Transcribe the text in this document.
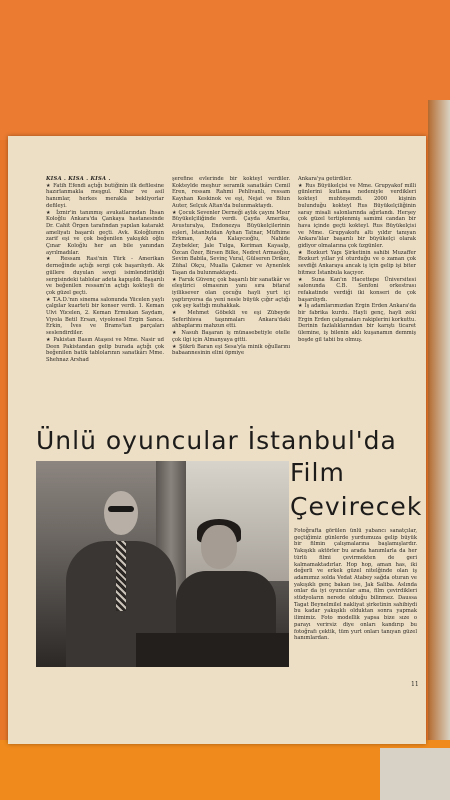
KISA . KISA . KISA .

★ Fatih Efendi açtığı butiğinin ilk defilesine hazırlanmakla meşgul. Kibar ve asil hanımlar, herkes merakla bekliyorlar defileyi.

★ İzmir'in tanınmış avukatlarından İhsan Koloğlu Ankara'da Çankaya hastanesinde Dr. Cahit Örgen tarafından yapılan katarakt ameliyatı başarılı geçti. Avk. Koloğlunun zarif eşi ve çok beğenilen yakışıklı oğlu Çınar Koloğlu her an bile yanından ayrılmadılar.

★ Ressam Rasi'nin Türk - Amerikan derneğinde açtığı sergi çok başarılıydı. Ak güllere duyulan sevgi isimlendirildiği sergisindeki tablolar adeta kapışıldı. Başarılı ve beğenilen ressam'ın açtığı kokteyli de çok güzel geçti.

★ T.A.D.'nın sinema salonunda Yücelen yaylı çalgılar kuarteti bir konser verdi. 1. Keman Ulvi Yücelen, 2. Keman Ermukan Saydam, Viyola Betil Ersan, viyolonsel Ergin Sanca. Erkin, İves ve Brams'tan parçaları seslendirdiler.

★ Pakistan Basın Ataşesi ve Mme. Nasir ud Deen Pakistandan gelip burada açtığı çok beğenilen batik tablolarının sanatkârı Mme. Shehnaz Arshad

şerefine evlerinde bir kokteyl verdiler. Kokteylde meşhur seramik sanatkârı Cemil Eren, ressam Rahmi Pehlivanlı, ressam Kayıhan Keskinok ve eşi, Nejat ve Bilun Auter, Selçuk Altan'da bulunmaktaydı.

★ Çocuk Sevenler Derneği aylık çayını Mısır Büyükelçiliğinde verdi. Çayda Amerika, Avusturalya, Endonezya Büyükelçilerinin eşleri, İstanbuldan Ayhan Tatnar, Müfhime Erkman, Ayla Kalaycıoğlu, Nahide Zeybekler, Jale Tulga, Keriman Kayaalp, Özcan Özer, Birsen Bilke, Nedret Armaoğlu, Sevim Babila, Sevinç Vural, Gülseren Driker, Zühal Okçu, Mualla Çakmer ve Aynenlek Taşan da bulunmaktaydı.

★ Faruk Güvenç çok başarılı bir sanatkâr ve eleştirici olmasının yanı sıra bitaraf iyiliksever olan çocuğu hayli yurt içi yaptırıyorsa da yeni nesle büyük çığır açtığı çok şey kattığı muhakkak.

★ Mehmet Göbekli ve eşi Zübeyde Seferihisva taşınmaları Ankara'daki ahbaplarını mahzun etti.

★ Nasuh Başaran iş münasebetiyle otelle çok ilgi için Almanyaya gitti.

★ Şükrü Baran eşi Sesa'yla minik oğullarını babaannesinin elini öpmiye

Ankara'ya getirdiler.

★ Rus Büyükelçisi ve Mme. Grupyakof milli günlerini kutlama nedeniyle verdikleri kokteyl muhteşemdi. 2000 kişinin bulunduğu kokteyl Rus Büyükelçiliğinin saray misali salonlarında ağırlandı. Herşey çok güzel tertiplenmiş samimi candan bir hava içinde geçti kokteyl. Rus Büyükelçisi ve Mme. Grupyakofu altı yıldır tanıyan Ankara'lılar başarılı bir büyükelçi olarak gidiyor olmalarına çok üzgünler.

★ Bozkurt Yapı Şirketinin sahibi Muzaffer Bozkurt yıllar yıl oturduğu ve o zaman çok sevdiği Ankaraya ancak iş için gelip işi biter bitmez İstanbula kaçıyor.

★ Suna Kan'ın Hacettepe Üniversitesi salonunda C.B. Senfoni orkestrası refakatinde verdiği iki konseri de çok başarılıydı.

★ İş adamlarımızdan Ergin Erden Ankara'da bir fabrika kurdu. Hayli genç, hayli zeki Ergin Erden çalışmaları rakiplerini korkuttu. Derinin fazlalıklarından bir karıştı ticaret ülemine, iş bilenin aklı kuşanamın demmiş boşde gil tabii bu olmuş.

Ünlü oyuncular İstanbul'da
Film
Çevirecek

Fotoğrafta görülen ünlü yabancı sanatçılar, geçtiğimiz günlerde yurdumuza gelip büyük bir filmin çalışmalarına başlamışlardır. Yakışıklı aktörler bu arada hanımlarla da her türlü filmi çevirmekten de geri kalmamaktadırlar. Hop hop, aman has, iki değerli ve erkek güzel nitelğinde olan iş adamımız solda Vedat Atabey sağda oturan ve yakışıklı genç bakan ise, Jak Saliba. Aslında onlar da iyi oyuncular ama, film çevirdikleri stüdyoların nerede olduğu bilinmez. Daussa Tagat Beynelmilel nakliyat şirketinin sahibiydi bu kadar yakışıklı olduktan sonra yapmak ilimimiz. Foto modellik yapsa bize sıze o parayı verirsiz diye onları kandırıp bu fotoğrafı çektik, tüm yurt onları tanıyan güzel hanımlardan.

11
